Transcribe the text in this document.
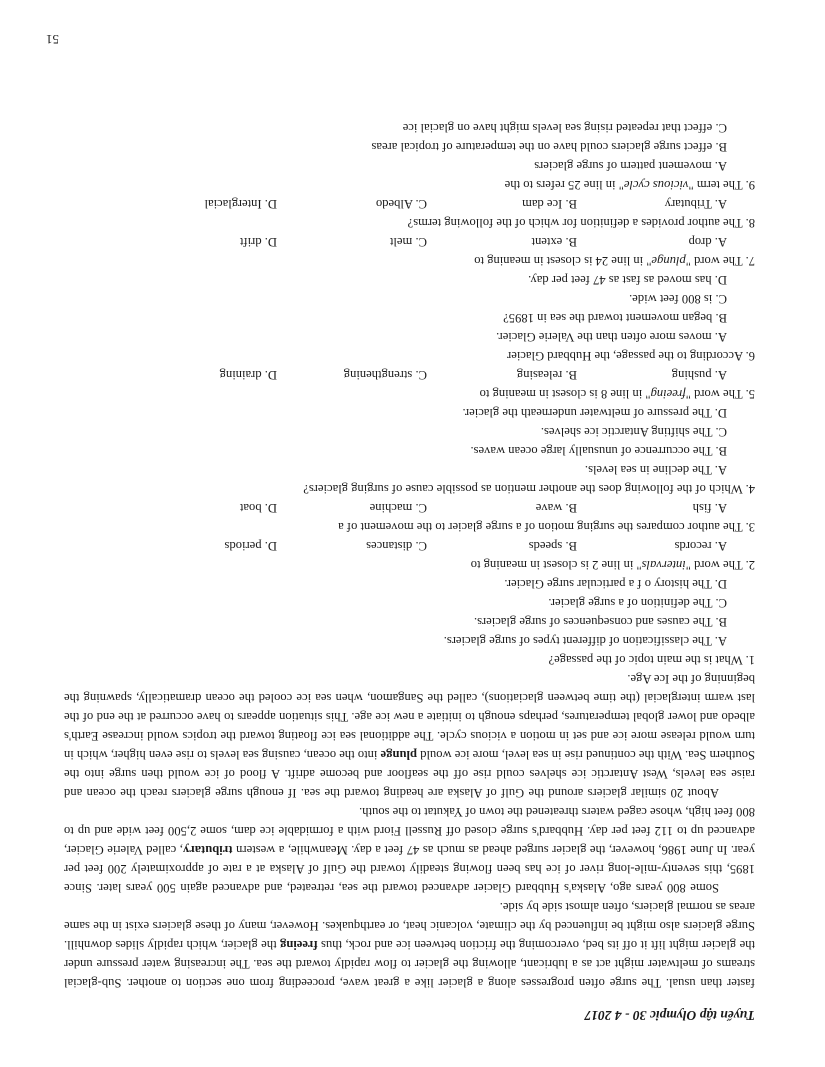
Tuyển tập Olympic 30 - 4 2017

faster than usual. The surge often progresses along a glacier like a great wave, proceeding from one section to another. Sub-glacial streams of meltwater might act as a lubricant, allowing the glacier to flow rapidly toward the sea. The increasing water pressure under the glacier might lift it off its bed, overcoming the friction between ice and rock, thus freeing the glacier, which rapidly slides downhill. Surge glaciers also might be influenced by the climate, volcanic heat, or earthquakes. However, many of these glaciers exist in the same areas as normal glaciers, often almost side by side.

Some 800 years ago, Alaska's Hubbard Glacier advanced toward the sea, retreated, and advanced again 500 years later. Since 1895, this seventy-mile-long river of ice has been flowing steadily toward the Gulf of Alaska at a rate of approximately 200 feet per year. In June 1986, however, the glacier surged ahead as much as 47 feet a day. Meanwhile, a western tributary, called Valerie Glacier, advanced up to 112 feet per day. Hubbard's surge closed off Russell Fiord with a formidable ice dam, some 2,500 feet wide and up to 800 feet high, whose caged waters threatened the town of Yakutat to the south.

About 20 similar glaciers around the Gulf of Alaska are heading toward the sea. If enough surge glaciers reach the ocean and raise sea levels, West Antarctic ice shelves could rise off the seafloor and become adrift. A flood of ice would then surge into the Southern Sea. With the continued rise in sea level, more ice would plunge into the ocean, causing sea levels to rise even higher, which in turn would release more ice and set in motion a vicious cycle. The additional sea ice floating toward the tropics would increase Earth's albedo and lower global temperatures, perhaps enough to initiate a new ice age. This situation appears to have occurred at the end of the last warm interglacial (the time between glaciations), called the Sangamon, when sea ice cooled the ocean dramatically, spawning the beginning of the Ice Age.

1. What is the main topic of the passage?
A. The classification of different types of surge glaciers.
B. The causes and consequences of surge glaciers.
C. The definition of a surge glacier.
D. The history o f a particular surge Glacier.
2. The word "intervals" in line 2 is closest in meaning to
A. records
B. speeds
C. distances
D. periods
3. The author compares the surging motion of a surge glacier to the movement of a
A. fish
B. wave
C. machine
D. boat
4. Which of the following does the another mention as possible cause of surging glaciers?
A. The decline in sea levels.
B. The occurrence of unusually large ocean waves.
C. The shifting Antarctic ice shelves.
D. The pressure of meltwater underneath the glacier.
5. The word "freeing" in line 8 is closest in meaning to
A. pushing
B. releasing
C. strengthening
D. draining
6. According to the passage, the Hubbard Glacier
A. moves more often than the Valerie Glacier.
B. began movement toward the sea in 1895?
C. is 800 feet wide.
D. has moved as fast as 47 feet per day.
7. The word "plunge" in line 24 is closest in meaning to
A. drop
B. extent
C. melt
D. drift
8. The author provides a definition for which of the following terms?
A. Tributary
B. Ice dam
C. Albedo
D. Interglacial
9. The term "vicious cycle" in line 25 refers to the
A. movement pattern of surge glaciers
B. effect surge glaciers could have on the temperature of tropical areas
C. effect that repeated rising sea levels might have on glacial ice
51
